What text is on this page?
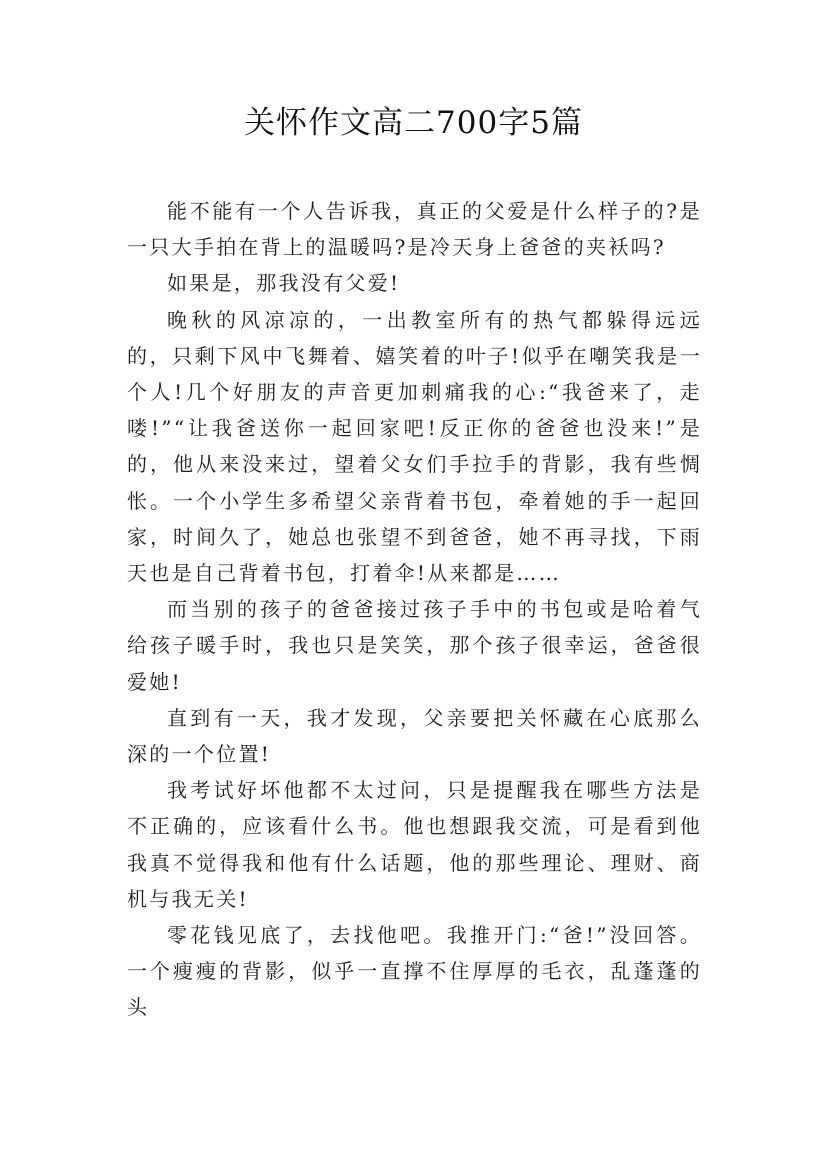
关怀作文高二700字5篇

能不能有一个人告诉我，真正的父爱是什么样子的?是一只大手拍在背上的温暖吗?是冷天身上爸爸的夹袄吗?

如果是，那我没有父爱!

晚秋的风凉凉的，一出教室所有的热气都躲得远远的，只剩下风中飞舞着、嬉笑着的叶子!似乎在嘲笑我是一个人!几个好朋友的声音更加刺痛我的心:“我爸来了，走喽!”“让我爸送你一起回家吧!反正你的爸爸也没来!”是的，他从来没来过，望着父女们手拉手的背影，我有些惆怅。一个小学生多希望父亲背着书包，牵着她的手一起回家，时间久了，她总也张望不到爸爸，她不再寻找，下雨天也是自己背着书包，打着伞!从来都是……

而当别的孩子的爸爸接过孩子手中的书包或是哈着气给孩子暖手时，我也只是笑笑，那个孩子很幸运，爸爸很爱她!

直到有一天，我才发现，父亲要把关怀藏在心底那么深的一个位置!

我考试好坏他都不太过问，只是提醒我在哪些方法是不正确的，应该看什么书。他也想跟我交流，可是看到他我真不觉得我和他有什么话题，他的那些理论、理财、商机与我无关!

零花钱见底了，去找他吧。我推开门:“爸!”没回答。一个瘦瘦的背影，似乎一直撑不住厚厚的毛衣，乱蓬蓬的头
